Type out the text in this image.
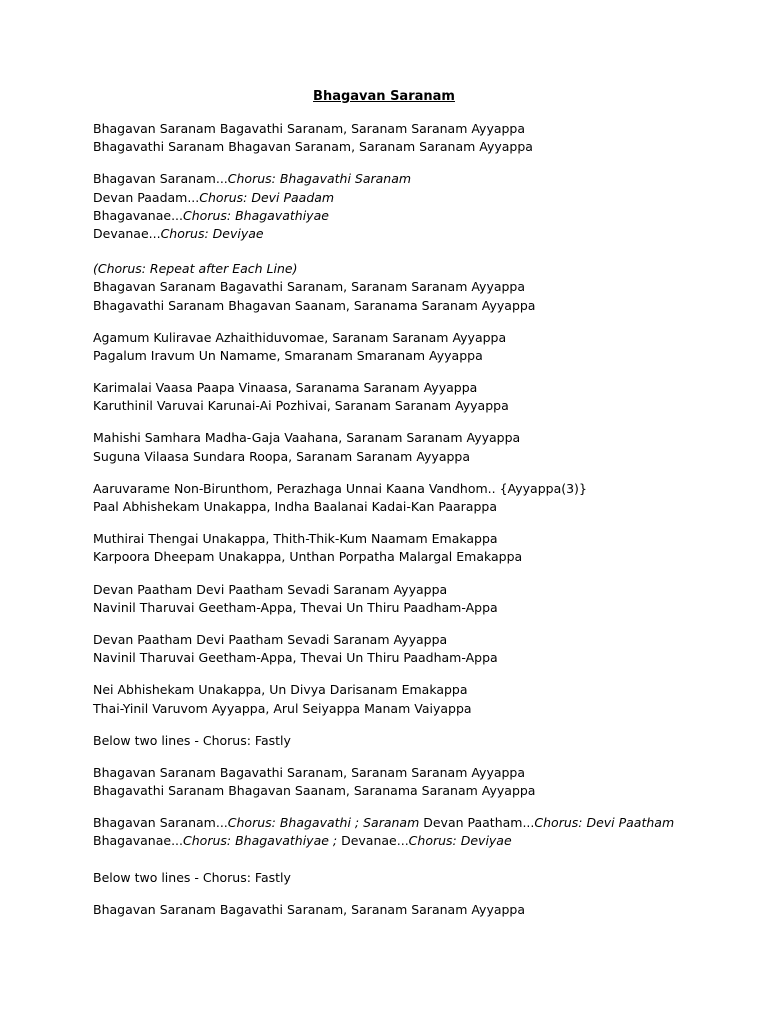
Bhagavan Saranam
Bhagavan Saranam Bagavathi Saranam, Saranam Saranam Ayyappa
Bhagavathi Saranam Bhagavan Saranam, Saranam Saranam Ayyappa
Bhagavan Saranam...Chorus: Bhagavathi Saranam
Devan Paadam...Chorus: Devi Paadam
Bhagavanae...Chorus: Bhagavathiyae
Devanae...Chorus: Deviyae
(Chorus: Repeat after Each Line)
Bhagavan Saranam Bagavathi Saranam, Saranam Saranam Ayyappa
Bhagavathi Saranam Bhagavan Saanam, Saranama Saranam Ayyappa
Agamum Kuliravae Azhaithiduvomae, Saranam Saranam Ayyappa
Pagalum Iravum Un Namame, Smaranam Smaranam Ayyappa
Karimalai Vaasa Paapa Vinaasa, Saranama Saranam Ayyappa
Karuthinil Varuvai Karunai-Ai Pozhivai, Saranam Saranam Ayyappa
Mahishi Samhara Madha-Gaja Vaahana, Saranam Saranam Ayyappa
Suguna Vilaasa Sundara Roopa, Saranam Saranam Ayyappa
Aaruvarame Non-Birunthom, Perazhaga Unnai Kaana Vandhom.. {Ayyappa(3)}
Paal Abhishekam Unakappa, Indha Baalanai Kadai-Kan Paarappa
Muthirai Thengai Unakappa, Thith-Thik-Kum Naamam Emakappa
Karpoora Dheepam Unakappa, Unthan Porpatha Malargal Emakappa
Devan Paatham Devi Paatham Sevadi Saranam Ayyappa
Navinil Tharuvai Geetham-Appa, Thevai Un Thiru Paadham-Appa
Devan Paatham Devi Paatham Sevadi Saranam Ayyappa
Navinil Tharuvai Geetham-Appa, Thevai Un Thiru Paadham-Appa
Nei Abhishekam Unakappa, Un Divya Darisanam Emakappa
Thai-Yinil Varuvom Ayyappa, Arul Seiyappa Manam Vaiyappa
Below two lines - Chorus: Fastly
Bhagavan Saranam Bagavathi Saranam, Saranam Saranam Ayyappa
Bhagavathi Saranam Bhagavan Saanam, Saranama Saranam Ayyappa
Bhagavan Saranam...Chorus: Bhagavathi ; Saranam Devan Paatham...Chorus: Devi Paatham
Bhagavanae...Chorus: Bhagavathiyae ; Devanae...Chorus: Deviyae
Below two lines - Chorus: Fastly
Bhagavan Saranam Bagavathi Saranam, Saranam Saranam Ayyappa
